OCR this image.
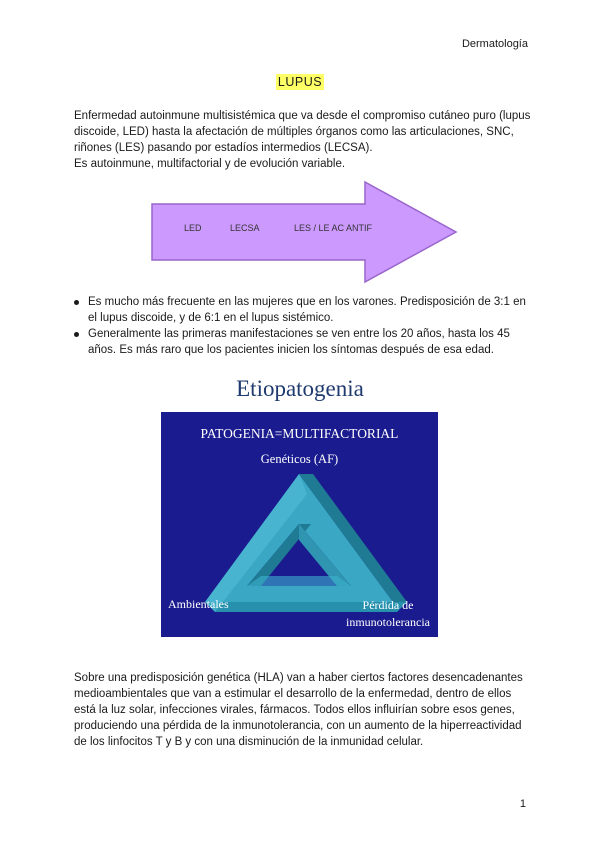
Dermatología
LUPUS
Enfermedad autoinmune multisistémica que va desde el compromiso cutáneo puro (lupus discoide, LED) hasta la afectación de múltiples órganos como las articulaciones, SNC, riñones (LES) pasando por estadíos intermedios (LECSA).
Es autoinmune, multifactorial y de evolución variable.
LED	LECSA	LES / LE AC ANTIF
Es mucho más frecuente en las mujeres que en los varones. Predisposición de 3:1 en el lupus discoide, y de 6:1 en el lupus sistémico.
Generalmente las primeras manifestaciones se ven entre los 20 años, hasta los 45 años. Es más raro que los pacientes inicien los síntomas después de esa edad.
Etiopatogenia
PATOGENIA=MULTIFACTORIAL
Genéticos (AF)
Ambientales	Pérdida de
inmunotolerancia
Sobre una predisposición genética (HLA) van a haber ciertos factores desencadenantes medioambientales que van a estimular el desarrollo de la enfermedad, dentro de ellos está la luz solar, infecciones virales, fármacos. Todos ellos influirían sobre esos genes, produciendo una pérdida de la inmunotolerancia, con un aumento de la hiperreactividad de los linfocitos T y B y con una disminución de la inmunidad celular.
1
